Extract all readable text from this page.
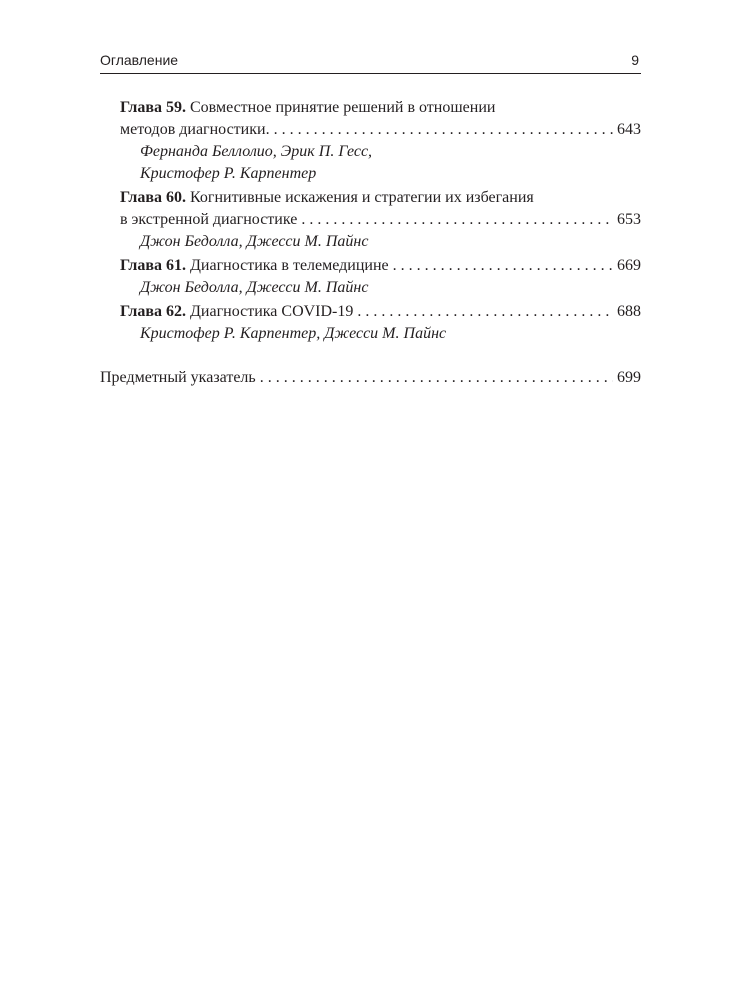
Оглавление	9
Глава 59. Совместное принятие решений в отношении
методов диагностики. . . .	643
Фернанда Беллолио, Эрик П. Гесс,
Кристофер Р. Карпентер
Глава 60. Когнитивные искажения и стратегии их избегания
в экстренной диагностике . . .	653
Джон Бедолла, Джесси М. Пайнс
Глава 61. Диагностика в телемедицине . . .	669
Джон Бедолла, Джесси М. Пайнс
Глава 62. Диагностика COVID-19 . . .	688
Кристофер Р. Карпентер, Джесси М. Пайнс
Предметный указатель . . .	699
